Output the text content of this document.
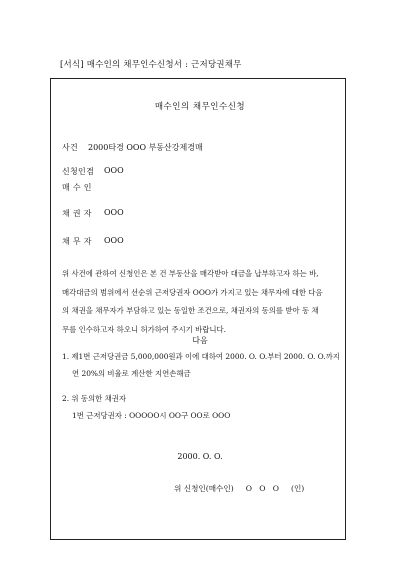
[서식] 매수인의 채무인수신청서 : 근저당권채무
매수인의 채무인수신청
사건 2000타경 OOO 부동산강제경매
신청인겸 OOO
매 수 인
채 권 자 OOO
채 무 자 OOO
위 사건에 관하여 신청인은 본 건 부동산을 매각받아 대금을 납부하고자 하는 바,
매각대금의 범위에서 선순위 근저당권자 OOO가 가지고 있는 채무자에 대한 다음
의 채권을 채무자가 부담하고 있는 동일한 조건으로, 채권자의 동의를 받아 동 채
무를 인수하고자 하오니 허가하여 주시기 바랍니다.
다음
1. 제1번 근저당권금 5,000,000원과 이에 대하여 2000. O. O.부터 2000. O. O.까지
연 20%의 비율로 계산한 지연손해금
2. 위 동의한 채권자
1번 근저당권자 : OOOOO시 OO구 OO로 OOO
2000. O. O.
위 신청인(매수인)     O   O   O     (인)
